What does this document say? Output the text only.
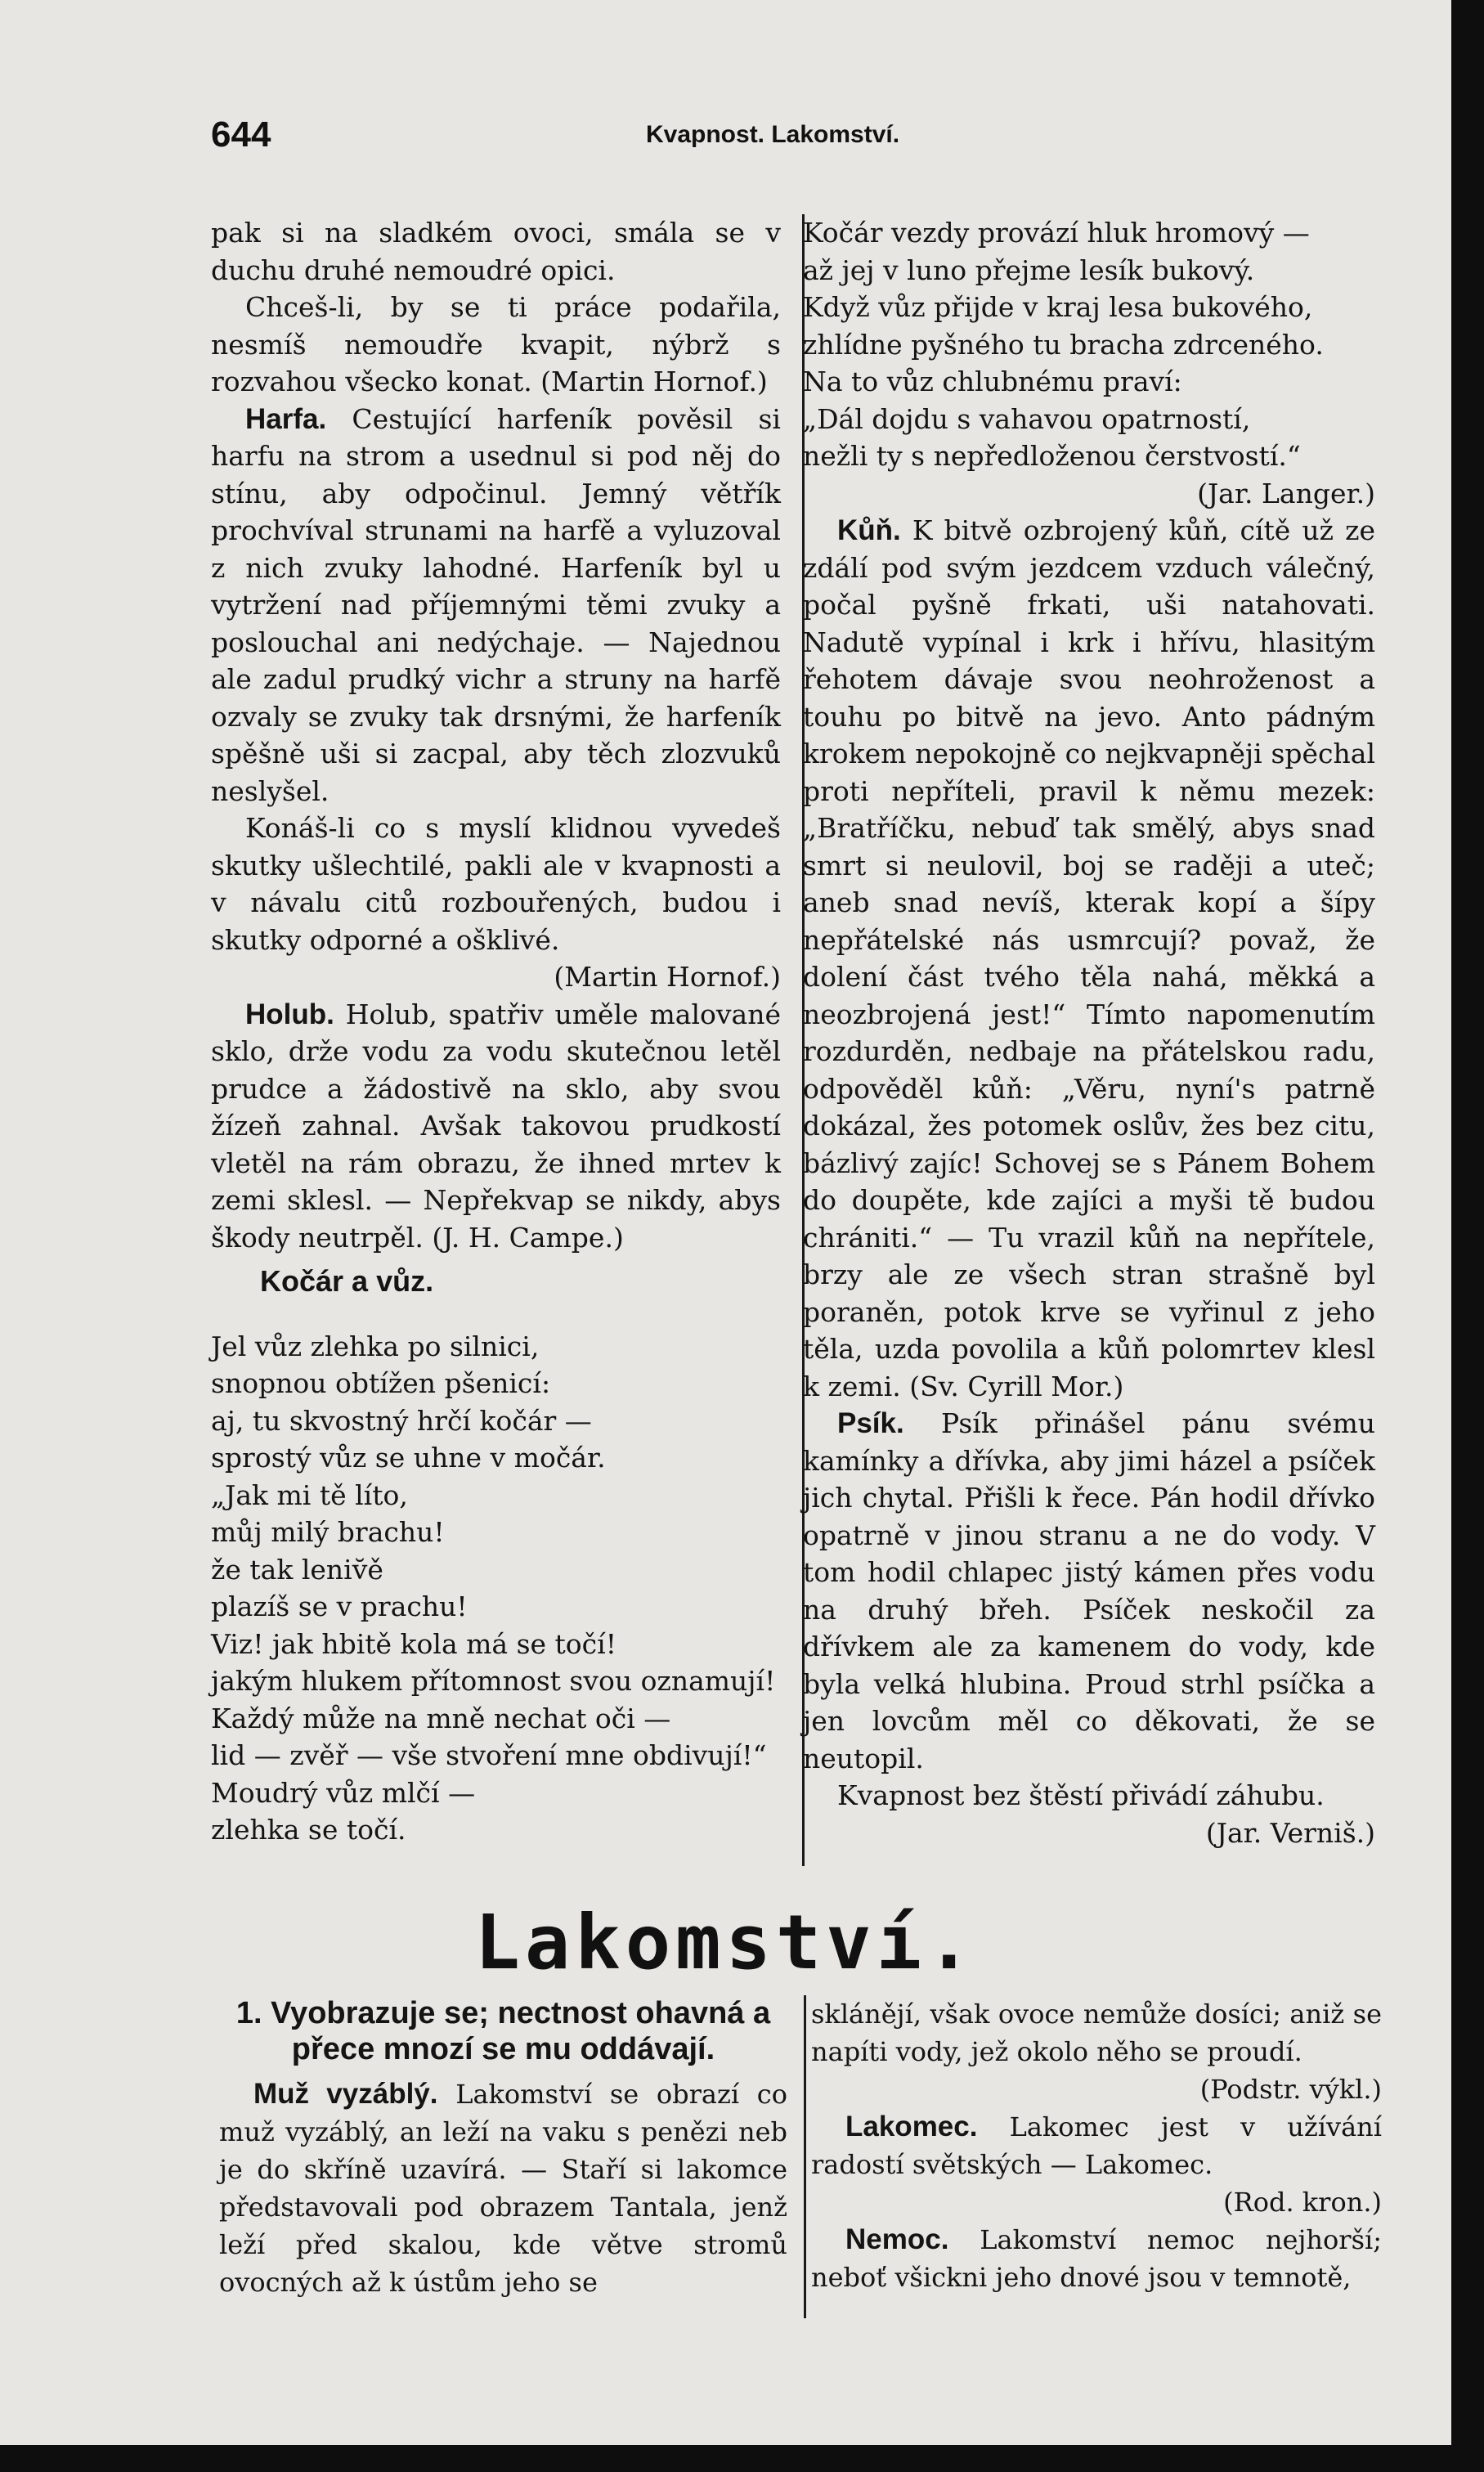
644	Kvapnost. Lakomství.

pak si na sladkém ovoci, smála se v duchu druhé nemoudré opici.

Chceš-li, by se ti práce podařila, nesmíš nemoudře kvapit, nýbrž s rozvahou všecko konat. (Martin Hornof.)

Harfa. Cestující harfeník pověsil si harfu na strom a usednul si pod něj do stínu, aby odpočinul. Jemný větřík prochvíval strunami na harfě a vyluzoval z nich zvuky lahodné. Harfeník byl u vytržení nad příjemnými těmi zvuky a poslouchal ani nedýchaje. — Najednou ale zadul prudký vichr a struny na harfě ozvaly se zvuky tak drsnými, že harfeník spěšně uši si zacpal, aby těch zlozvuků neslyšel.

Konáš-li co s myslí klidnou vyvedeš skutky ušlechtilé, pakli ale v kvapnosti a v návalu citů rozbouřených, budou i skutky odporné a ošklivé.

(Martin Hornof.)

Holub. Holub, spatřiv uměle malované sklo, drže vodu za vodu skutečnou letěl prudce a žádostivě na sklo, aby svou žízeň zahnal. Avšak takovou prudkostí vletěl na rám obrazu, že ihned mrtev k zemi sklesl. — Nepřekvap se nikdy, abys škody neutrpěl. (J. H. Campe.)

Kočár a vůz.
Jel vůz zlehka po silnici,
snopnou obtížen pšenicí:
aj, tu skvostný hrčí kočár —
sprostý vůz se uhne v močár.
„Jak mi tě líto,
můj milý brachu!
že tak leniv̆ě
plazíš se v prachu!
Viz! jak hbitě kola má se točí!
jakým hlukem přítomnost svou oznamují!
Každý může na mně nechat oči —
lid — zvěř — vše stvoření mne obdivují!“
Moudrý vůz mlčí —
zlehka se točí.
Kočár vezdy provází hluk hromový —
až jej v luno přejme lesík bukový.
Když vůz přijde v kraj lesa bukového,
zhlídne pyšného tu bracha zdrceného.
Na to vůz chlubnému praví:
„Dál dojdu s vahavou opatrností,
nežli ty s nepředloženou čerstvostí.“
(Jar. Langer.)

Kůň. K bitvě ozbrojený kůň, cítě už ze zdálí pod svým jezdcem vzduch válečný, počal pyšně frkati, uši natahovati. Nadutě vypínal i krk i hřívu, hlasitým řehotem dávaje svou neohroženost a touhu po bitvě na jevo. Anto pádným krokem nepokojně co nejkvapněji spěchal proti nepříteli, pravil k němu mezek: „Bratříčku, nebuď tak smělý, abys snad smrt si neulovil, boj se raději a uteč; aneb snad nevíš, kterak kopí a šípy nepřátelské nás usmrcují? považ, že dolení část tvého těla nahá, měkká a neozbrojená jest!“ Tímto napomenutím rozdurděn, nedbaje na přátelskou radu, odpověděl kůň: „Věru, nyní's patrně dokázal, žes potomek oslův, žes bez citu, bázlivý zajíc! Schovej se s Pánem Bohem do doupěte, kde zajíci a myši tě budou chrániti.“ — Tu vrazil kůň na nepřítele, brzy ale ze všech stran strašně byl poraněn, potok krve se vyřinul z jeho těla, uzda povolila a kůň polomrtev klesl k zemi. (Sv. Cyrill Mor.)

Psík. Psík přinášel pánu svému kamínky a dřívka, aby jimi házel a psíček jich chytal. Přišli k řece. Pán hodil dřívko opatrně v jinou stranu a ne do vody. V tom hodil chlapec jistý kámen přes vodu na druhý břeh. Psíček neskočil za dřívkem ale za kamenem do vody, kde byla velká hlubina. Proud strhl psíčka a jen lovcům měl co děkovati, že se neutopil.

Kvapnost bez štěstí přivádí záhubu.

(Jar. Verniš.)
Lakomství.
1. Vyobrazuje se; nectnost ohavná a přece mnozí se mu oddávají.

Muž vyzáblý. Lakomství se obrazí co muž vyzáblý, an leží na vaku s penězi neb je do skříně uzavírá. — Staří si lakomce představovali pod obrazem Tantala, jenž leží před skalou, kde větve stromů ovocných až k ústům jeho se

sklánějí, však ovoce nemůže dosíci; aniž se napíti vody, jež okolo něho se proudí.

(Podstr. výkl.)

Lakomec. Lakomec jest v užívání radostí světských — Lakomec.

(Rod. kron.)

Nemoc. Lakomství nemoc nejhorší; neboť všickni jeho dnové jsou v temnotě,
